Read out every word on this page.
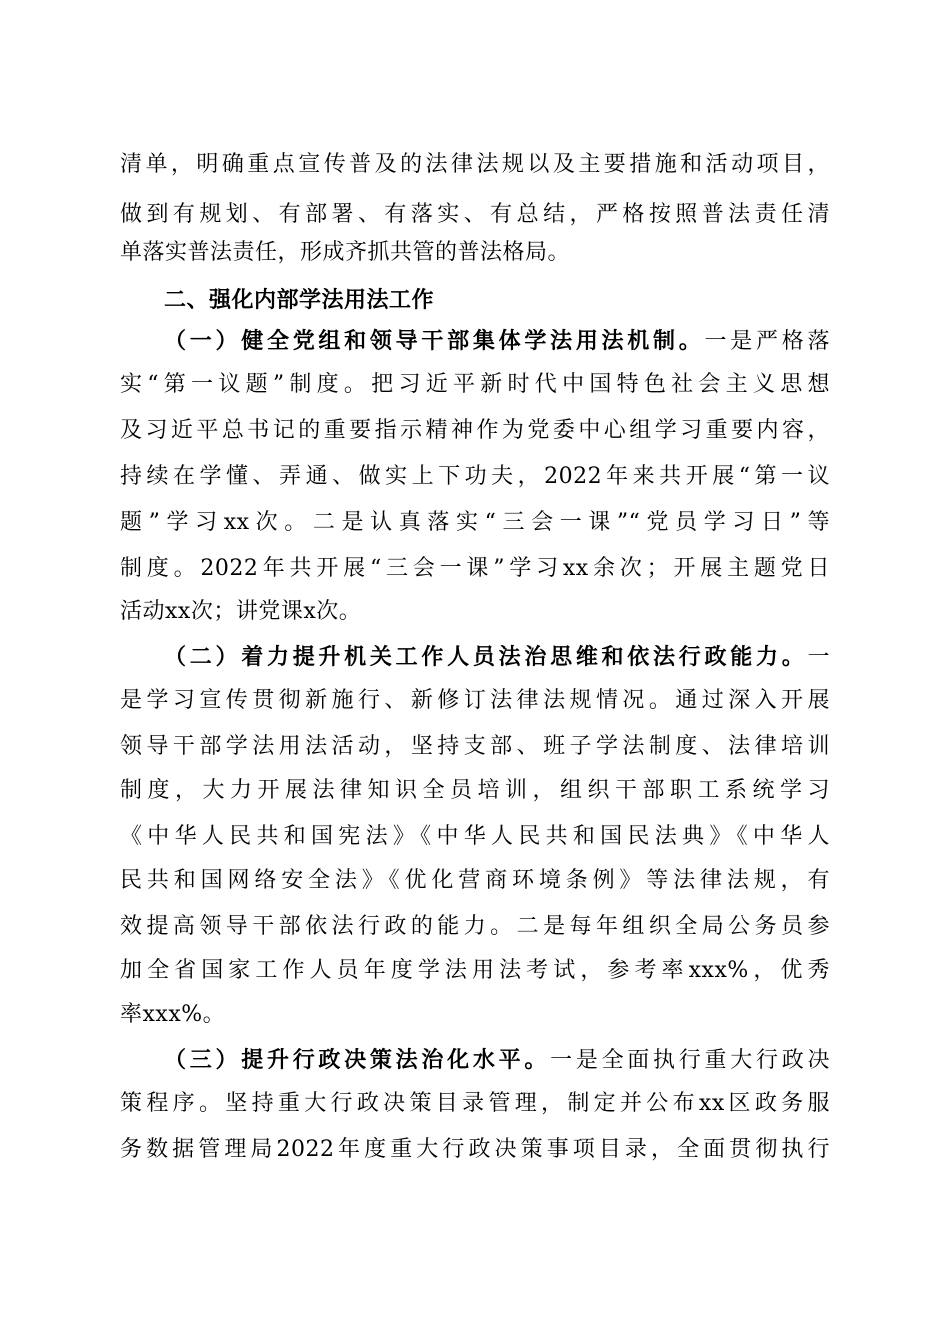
清单，明确重点宣传普及的法律法规以及主要措施和活动项目，
做到有规划、有部署、有落实、有总结，严格按照普法责任清
单落实普法责任，形成齐抓共管的普法格局。
二、强化内部学法用法工作
（一）健全党组和领导干部集体学法用法机制。一是严格落
实“第一议题”制度。把习近平新时代中国特色社会主义思想
及习近平总书记的重要指示精神作为党委中心组学习重要内容，
持续在学懂、弄通、做实上下功夫，2022年来共开展“第一议
题”学习xx次。二是认真落实“三会一课”“党员学习日”等
制度。2022年共开展“三会一课”学习xx余次；开展主题党日
活动xx次；讲党课x次。
（二）着力提升机关工作人员法治思维和依法行政能力。一
是学习宣传贯彻新施行、新修订法律法规情况。通过深入开展
领导干部学法用法活动，坚持支部、班子学法制度、法律培训
制度，大力开展法律知识全员培训，组织干部职工系统学习
《中华人民共和国宪法》《中华人民共和国民法典》《中华人
民共和国网络安全法》《优化营商环境条例》等法律法规，有
效提高领导干部依法行政的能力。二是每年组织全局公务员参
加全省国家工作人员年度学法用法考试，参考率xxx%，优秀
率xxx%。
（三）提升行政决策法治化水平。一是全面执行重大行政决
策程序。坚持重大行政决策目录管理，制定并公布xx区政务服
务数据管理局2022年度重大行政决策事项目录，全面贯彻执行
